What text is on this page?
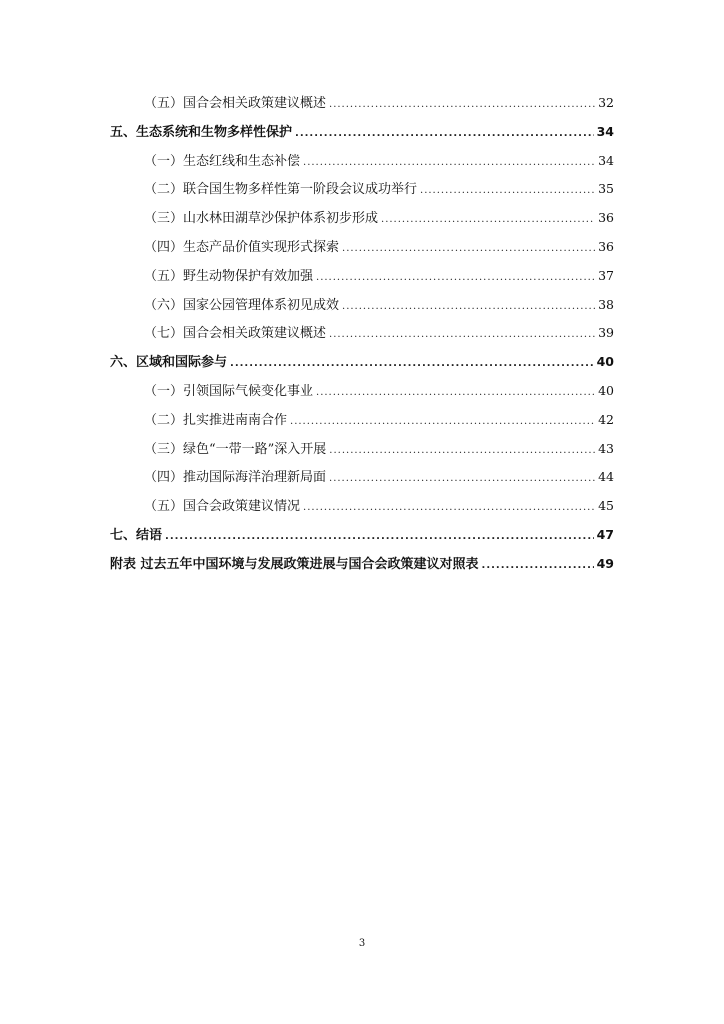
（五）国合会相关政策建议概述 .....	32
五、生态系统和生物多样性保护 .....	34
（一）生态红线和生态补偿 .....	34
（二）联合国生物多样性第一阶段会议成功举行 .....	35
（三）山水林田湖草沙保护体系初步形成 .....	36
（四）生态产品价值实现形式探索 .....	36
（五）野生动物保护有效加强 .....	37
（六）国家公园管理体系初见成效 .....	38
（七）国合会相关政策建议概述 .....	39
六、区域和国际参与 .....	40
（一）引领国际气候变化事业 .....	40
（二）扎实推进南南合作 .....	42
（三）绿色“一带一路”深入开展 .....	43
（四）推动国际海洋治理新局面 .....	44
（五）国合会政策建议情况 .....	45
七、结语 .....	47
附表 过去五年中国环境与发展政策进展与国合会政策建议对照表 .....	49
3
